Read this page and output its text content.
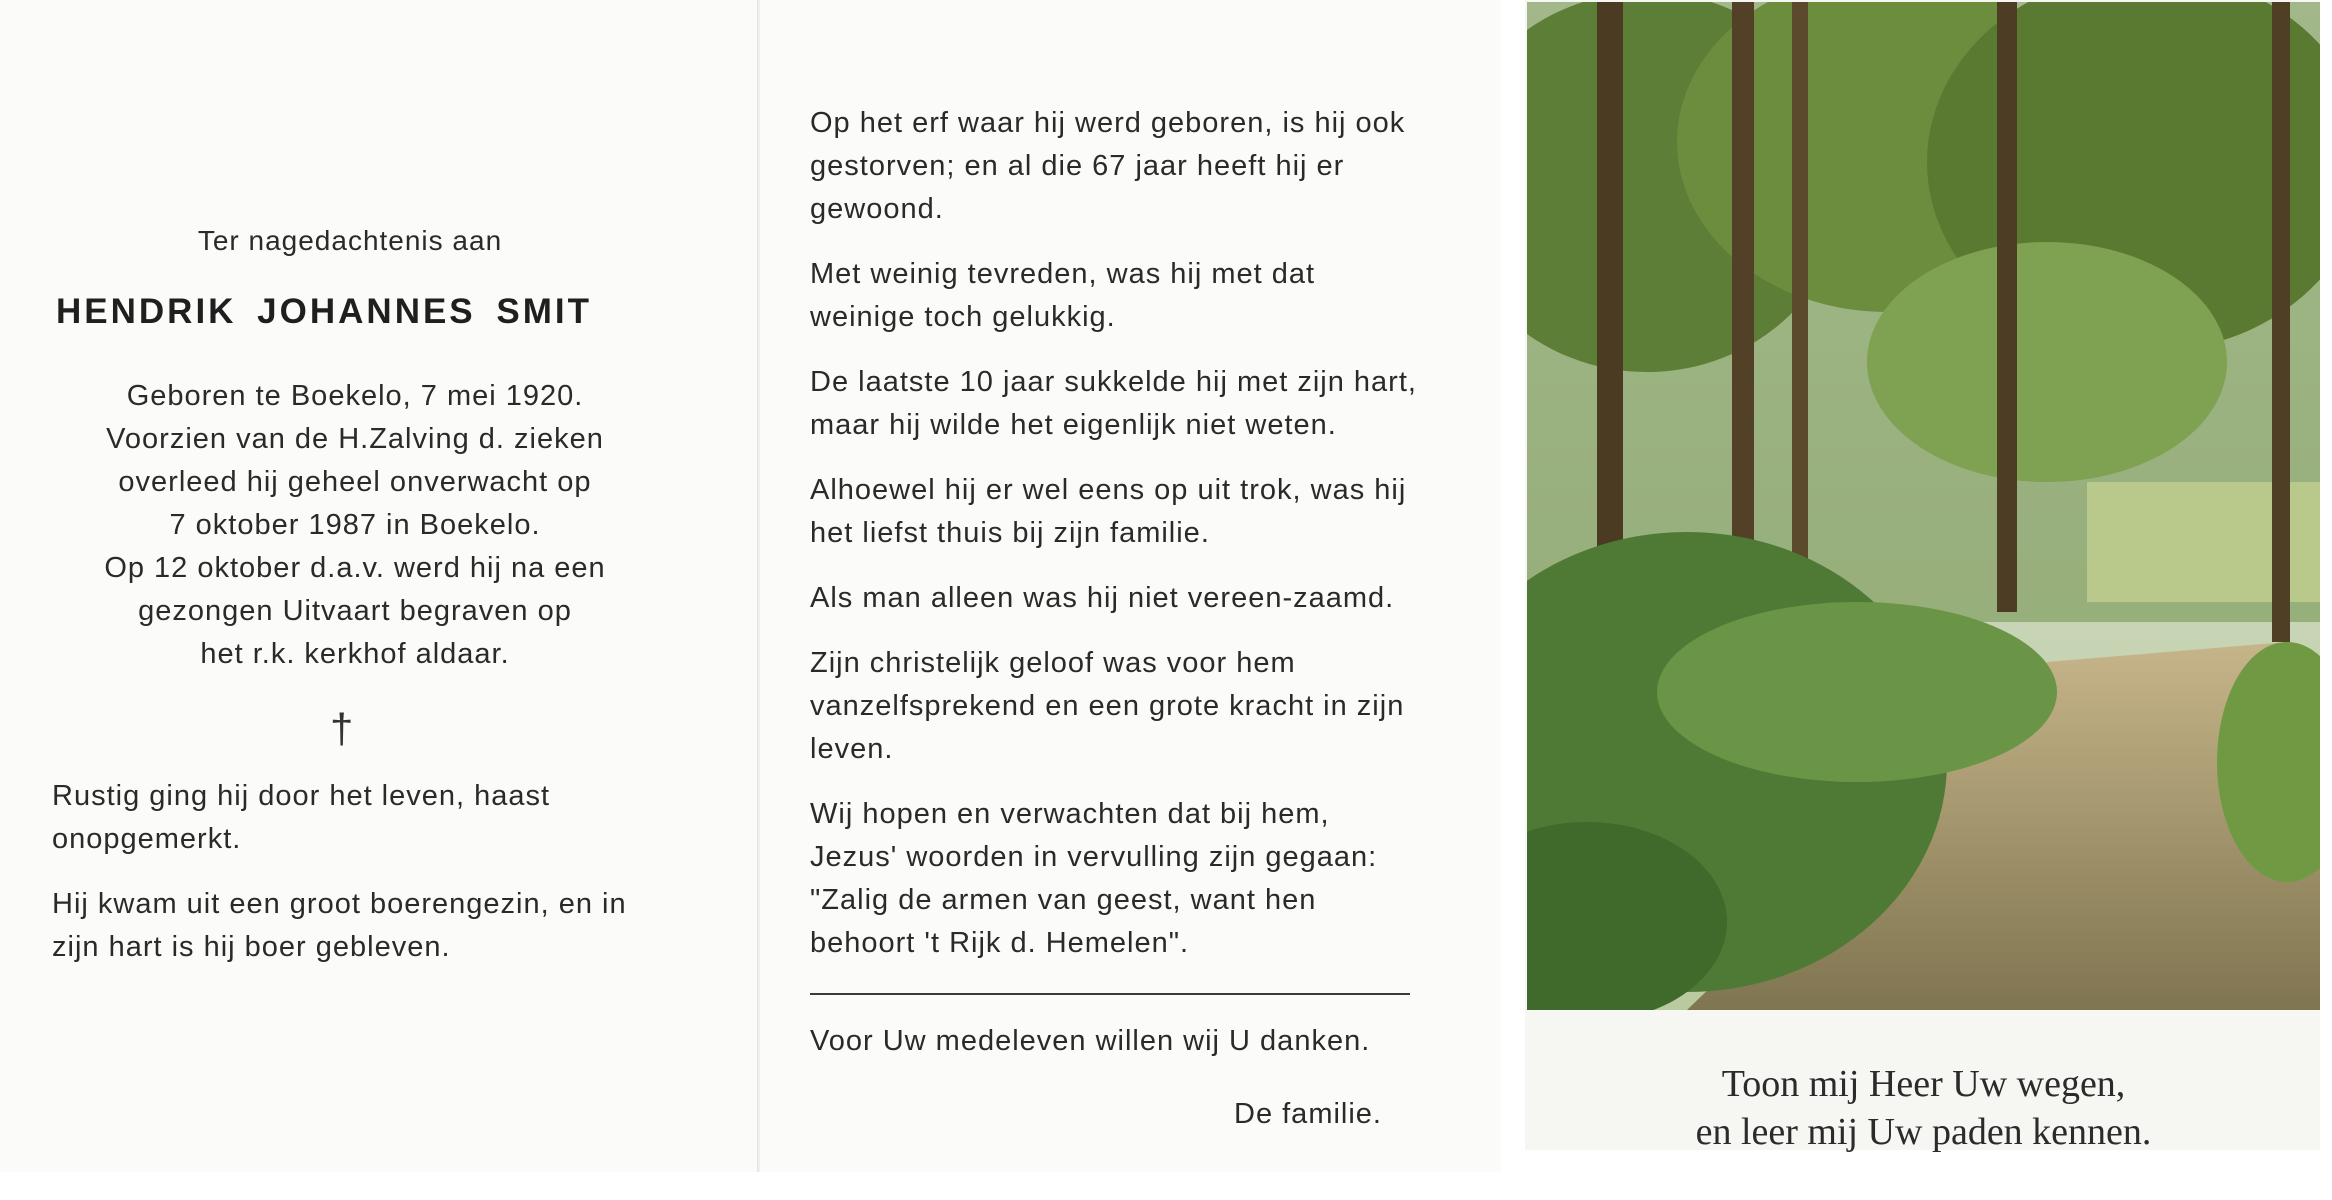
Ter nagedachtenis aan
HENDRIK JOHANNES SMIT
Geboren te Boekelo, 7 mei 1920.
Voorzien van de H.Zalving d. zieken
overleed hij geheel onverwacht op
7 oktober 1987 in Boekelo.
Op 12 oktober d.a.v. werd hij na een
gezongen Uitvaart begraven op
het r.k. kerkhof aldaar.
†

Rustig ging hij door het leven, haast onopgemerkt.

Hij kwam uit een groot boerengezin, en in zijn hart is hij boer gebleven.

Op het erf waar hij werd geboren, is hij ook gestorven; en al die 67 jaar heeft hij er gewoond.

Met weinig tevreden, was hij met dat weinige toch gelukkig.

De laatste 10 jaar sukkelde hij met zijn hart, maar hij wilde het eigenlijk niet weten.

Alhoewel hij er wel eens op uit trok, was hij het liefst thuis bij zijn familie.

Als man alleen was hij niet vereen-zaamd.

Zijn christelijk geloof was voor hem vanzelfsprekend en een grote kracht in zijn leven.

Wij hopen en verwachten dat bij hem, Jezus' woorden in vervulling zijn gegaan: "Zalig de armen van geest, want hen behoort 't Rijk d. Hemelen".

Voor Uw medeleven willen wij U danken.
De familie.
Toon mij Heer Uw wegen,
en leer mij Uw paden kennen.
